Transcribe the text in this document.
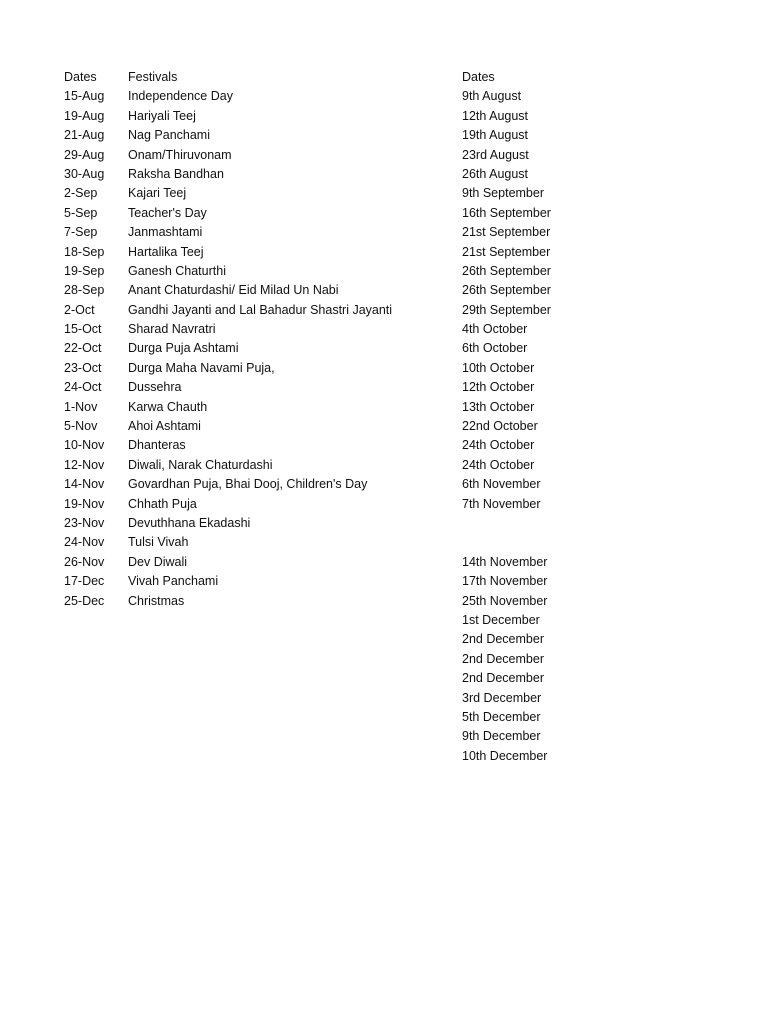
Dates	Festivals	Dates
15-Aug Independence Day	9th August
19-Aug Hariyali Teej	12th August
21-Aug Nag Panchami	19th August
29-Aug Onam/Thiruvonam	23rd August
30-Aug Raksha Bandhan	26th August
2-Sep Kajari Teej	9th September
5-Sep Teacher's Day	16th September
7-Sep Janmashtami	21st September
18-Sep Hartalika Teej	21st September
19-Sep Ganesh Chaturthi	26th September
28-Sep Anant Chaturdashi/ Eid Milad Un Nabi	26th September
2-Oct	Gandhi Jayanti and Lal Bahadur Shastri Jayanti	29th September
15-Oct Sharad Navratri	4th October
22-Oct Durga Puja Ashtami	6th October
23-Oct Durga Maha Navami Puja,	10th October
24-Oct Dussehra	12th October
1-Nov Karwa Chauth	13th October
5-Nov Ahoi Ashtami	22nd October
10-Nov Dhanteras	24th October
12-Nov Diwali, Narak Chaturdashi	24th October
14-Nov Govardhan Puja, Bhai Dooj, Children's Day	6th November
19-Nov Chhath Puja	7th November
23-Nov Devuthhana Ekadashi
24-Nov Tulsi Vivah
26-Nov Dev Diwali	14th November
17-Dec Vivah Panchami	17th November
25-Dec Christmas	25th November
1st December
2nd December
2nd December
2nd December
3rd December
5th December
9th December
10th December
